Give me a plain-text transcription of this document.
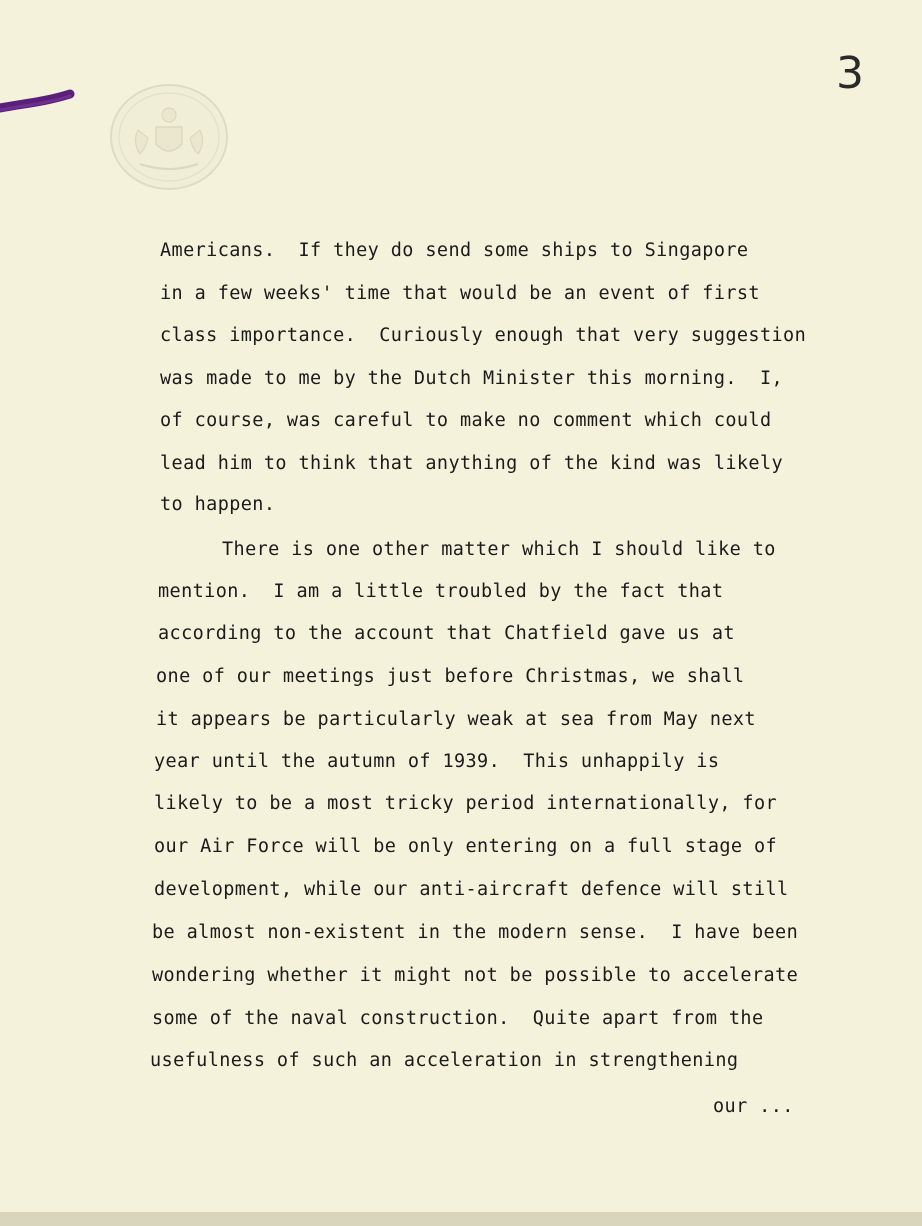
3
Americans.  If they do send some ships to Singapore
in a few weeks' time that would be an event of first
class importance.  Curiously enough that very suggestion
was made to me by the Dutch Minister this morning.  I,
of course, was careful to make no comment which could
lead him to think that anything of the kind was likely
to happen.
There is one other matter which I should like to
mention.  I am a little troubled by the fact that
according to the account that Chatfield gave us at
one of our meetings just before Christmas, we shall
it appears be particularly weak at sea from May next
year until the autumn of 1939.  This unhappily is
likely to be a most tricky period internationally, for
our Air Force will be only entering on a full stage of
development, while our anti-aircraft defence will still
be almost non-existent in the modern sense.  I have been
wondering whether it might not be possible to accelerate
some of the naval construction.  Quite apart from the
usefulness of such an acceleration in strengthening
our ...
